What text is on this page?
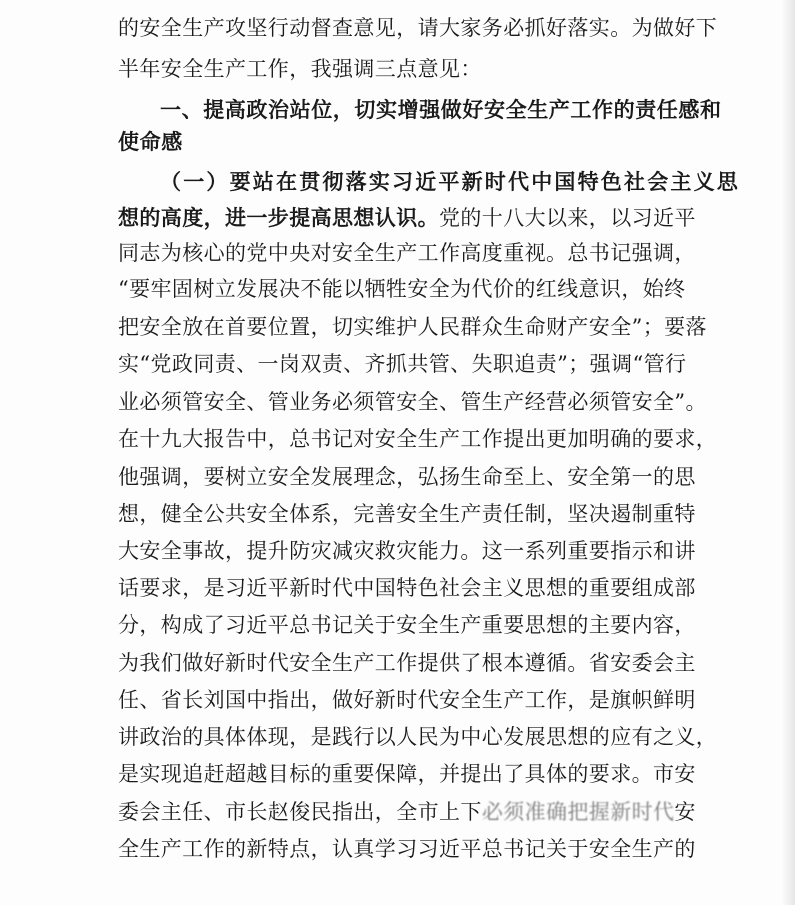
的安全生产攻坚行动督查意见，请大家务必抓好落实。为做好下
半年安全生产工作，我强调三点意见：
一、提高政治站位，切实增强做好安全生产工作的责任感和
使命感
（一）要站在贯彻落实习近平新时代中国特色社会主义思
想的高度，进一步提高思想认识。党的十八大以来，以习近平
同志为核心的党中央对安全生产工作高度重视。总书记强调，
“要牢固树立发展决不能以牺牲安全为代价的红线意识，始终
把安全放在首要位置，切实维护人民群众生命财产安全”；要落
实“党政同责、一岗双责、齐抓共管、失职追责”；强调“管行
业必须管安全、管业务必须管安全、管生产经营必须管安全”。
在十九大报告中，总书记对安全生产工作提出更加明确的要求，
他强调，要树立安全发展理念，弘扬生命至上、安全第一的思
想，健全公共安全体系，完善安全生产责任制，坚决遏制重特
大安全事故，提升防灾减灾救灾能力。这一系列重要指示和讲
话要求，是习近平新时代中国特色社会主义思想的重要组成部
分，构成了习近平总书记关于安全生产重要思想的主要内容，
为我们做好新时代安全生产工作提供了根本遵循。省安委会主
任、省长刘国中指出，做好新时代安全生产工作，是旗帜鲜明
讲政治的具体体现，是践行以人民为中心发展思想的应有之义，
是实现追赶超越目标的重要保障，并提出了具体的要求。市安
委会主任、市长赵俊民指出，全市上下必须准确把握新时代安
全生产工作的新特点，认真学习习近平总书记关于安全生产的
